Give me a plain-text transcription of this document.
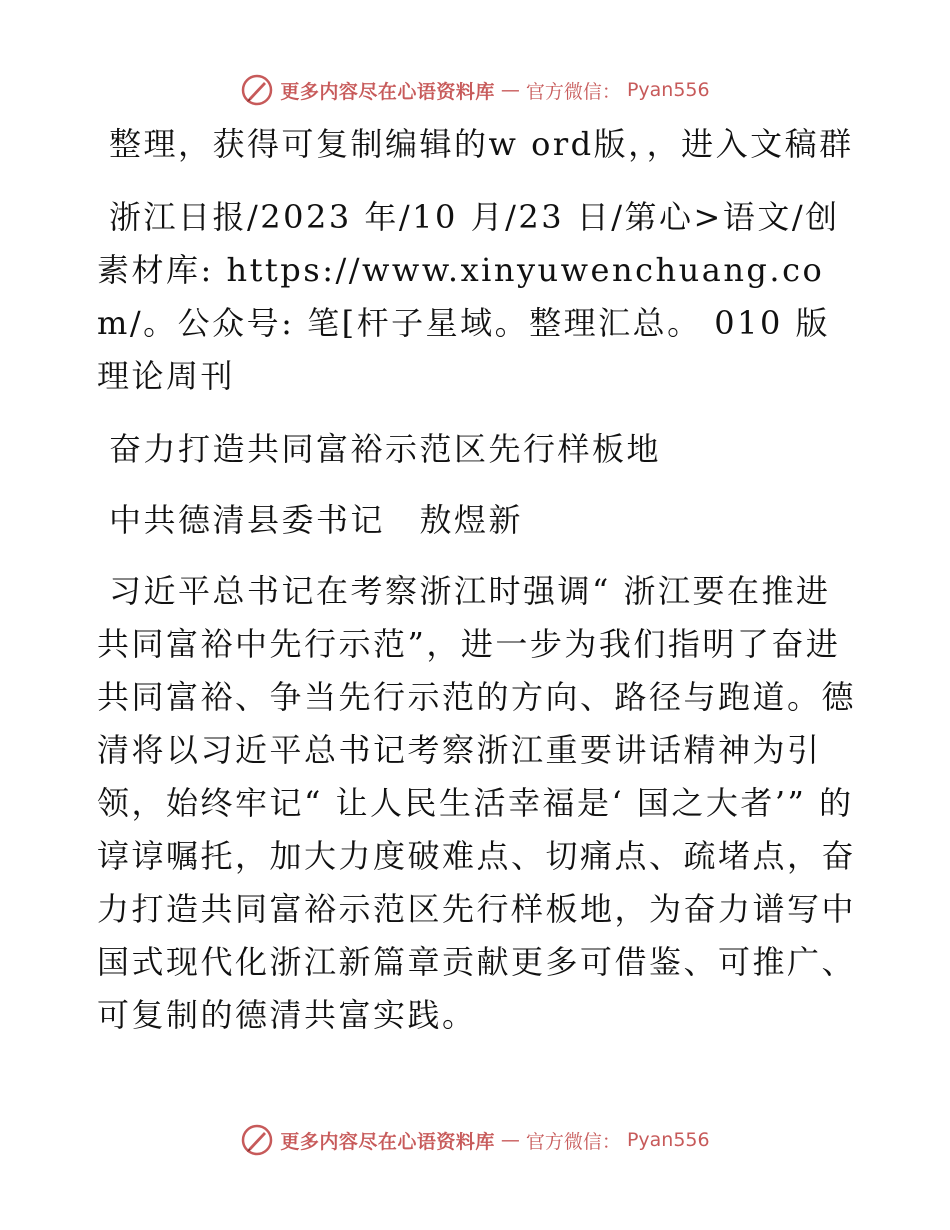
更多内容尽在心语资料库 — 官方微信： Pyan556

整理，获得可复制编辑的w ord版，，进入文稿群

浙江日报/2023 年/10 月/23 日/第心>语文/创素材库: https://www.xinyuwenchuang.com/。公众号: 笔[杆子星域。整理汇总。 010 版理论周刊

奋力打造共同富裕示范区先行样板地

中共德清县委书记　敖煜新

习近平总书记在考察浙江时强调“ 浙江要在推进共同富裕中先行示范”，进一步为我们指明了奋进共同富裕、争当先行示范的方向、路径与跑道。德清将以习近平总书记考察浙江重要讲话精神为引领，始终牢记“ 让人民生活幸福是‘ 国之大者’” 的谆谆嘱托，加大力度破难点、切痛点、疏堵点，奋力打造共同富裕示范区先行样板地，为奋力谱写中国式现代化浙江新篇章贡献更多可借鉴、可推广、可复制的德清共富实践。

更多内容尽在心语资料库 — 官方微信： Pyan556
